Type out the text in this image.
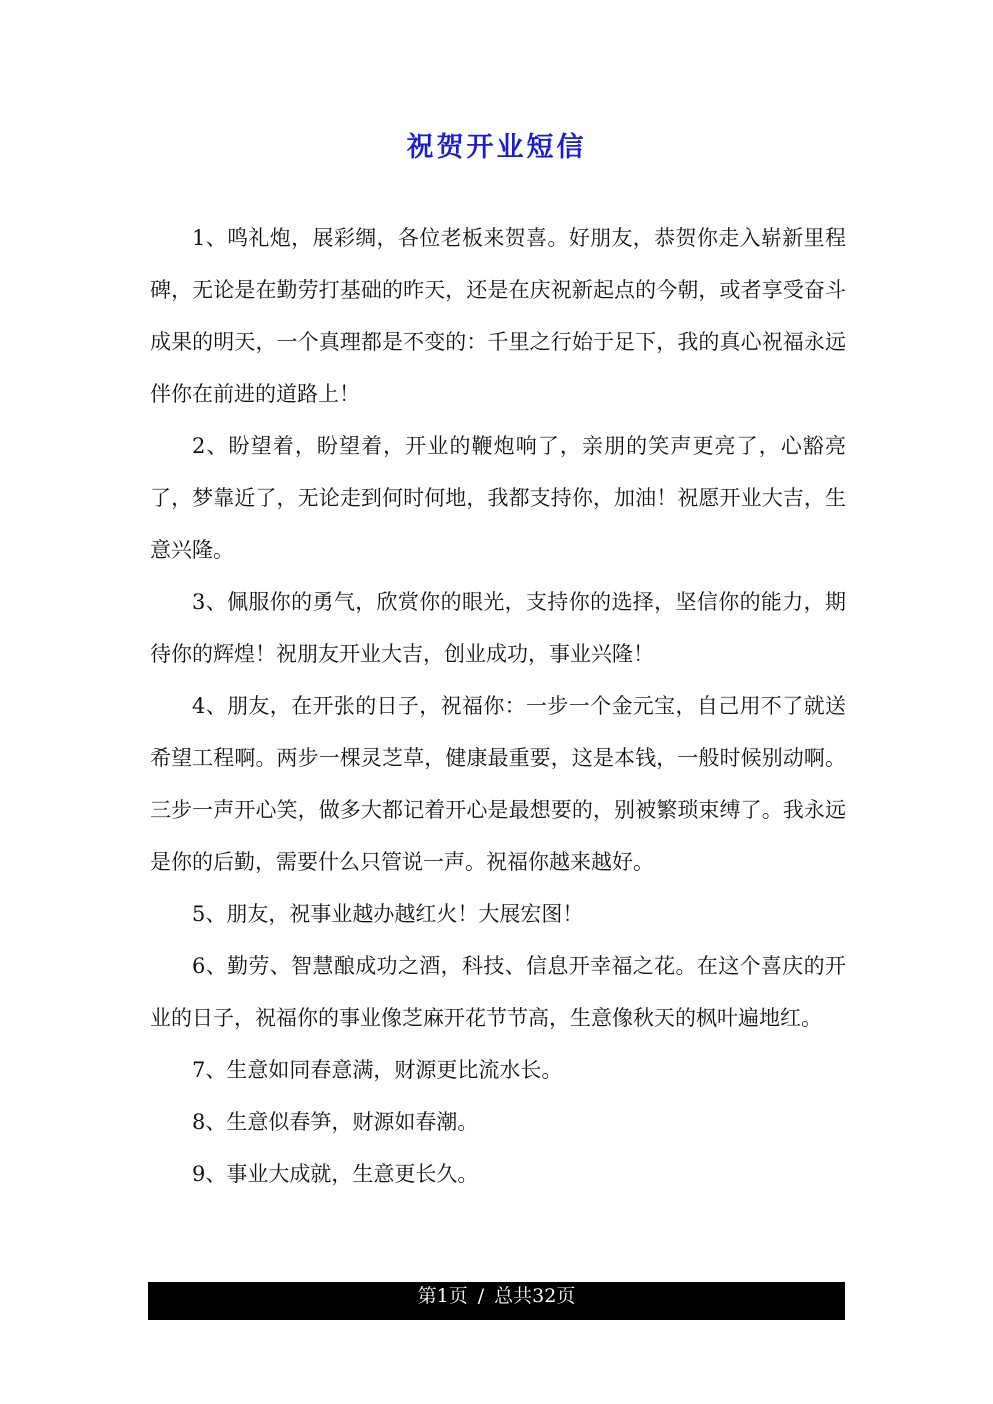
祝贺开业短信

1、鸣礼炮，展彩绸，各位老板来贺喜。好朋友，恭贺你走入崭新里程碑，无论是在勤劳打基础的昨天，还是在庆祝新起点的今朝，或者享受奋斗成果的明天，一个真理都是不变的：千里之行始于足下，我的真心祝福永远伴你在前进的道路上！

2、盼望着，盼望着，开业的鞭炮响了，亲朋的笑声更亮了，心豁亮了，梦靠近了，无论走到何时何地，我都支持你，加油！祝愿开业大吉，生意兴隆。

3、佩服你的勇气，欣赏你的眼光，支持你的选择，坚信你的能力，期待你的辉煌！祝朋友开业大吉，创业成功，事业兴隆！

4、朋友，在开张的日子，祝福你：一步一个金元宝，自己用不了就送希望工程啊。两步一棵灵芝草，健康最重要，这是本钱，一般时候别动啊。三步一声开心笑，做多大都记着开心是最想要的，别被繁琐束缚了。我永远是你的后勤，需要什么只管说一声。祝福你越来越好。

5、朋友，祝事业越办越红火！大展宏图！

6、勤劳、智慧酿成功之酒，科技、信息开幸福之花。在这个喜庆的开业的日子，祝福你的事业像芝麻开花节节高，生意像秋天的枫叶遍地红。

7、生意如同春意满，财源更比流水长。

8、生意似春笋，财源如春潮。

9、事业大成就，生意更长久。

第1页 / 总共32页
